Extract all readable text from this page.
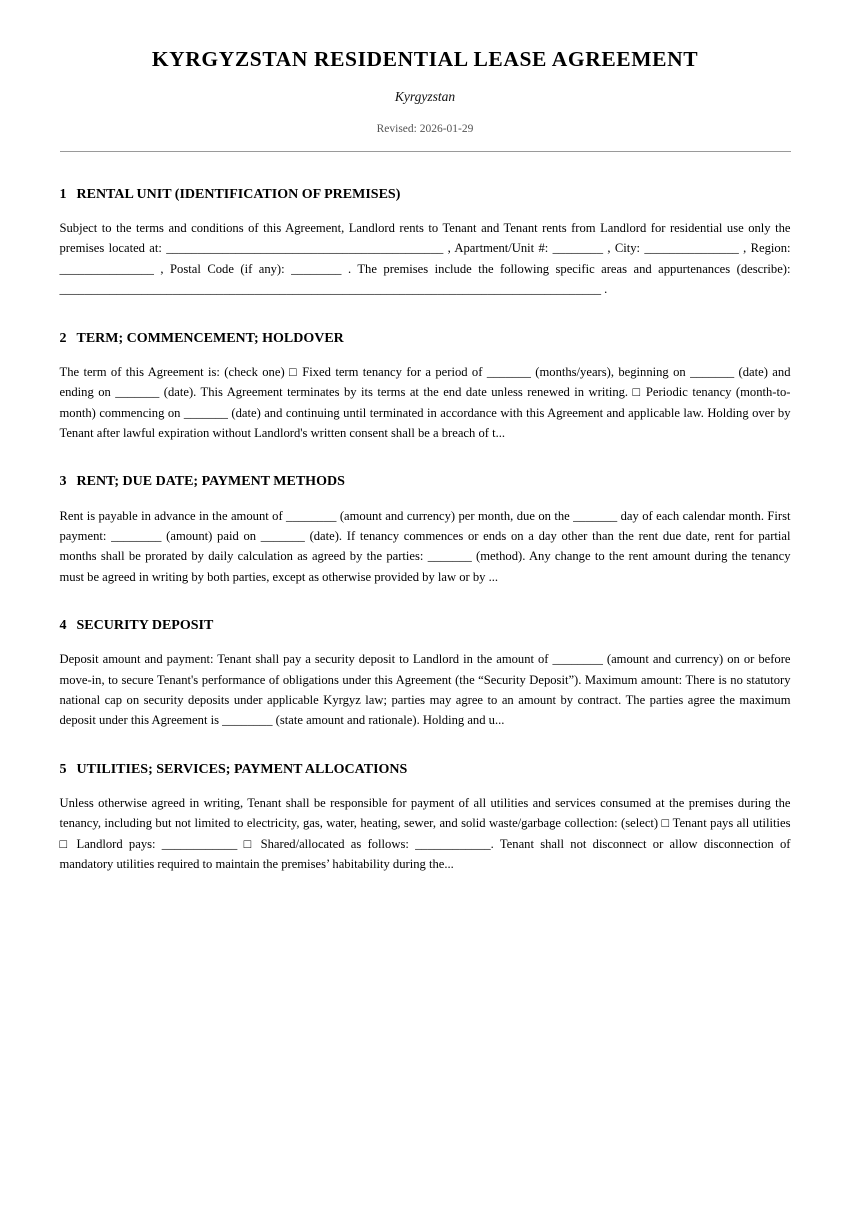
KYRGYZSTAN RESIDENTIAL LEASE AGREEMENT
Kyrgyzstan
Revised: 2026-01-29
1 RENTAL UNIT (IDENTIFICATION OF PREMISES)

Subject to the terms and conditions of this Agreement, Landlord rents to Tenant and Tenant rents from Landlord for residential use only the premises located at: ____________________________________________ , Apartment/Unit #: ________ , City: _______________ , Region: _______________ , Postal Code (if any): ________ . The premises include the following specific areas and appurtenances (describe): ______________________________________________________________________________________ .

2 TERM; COMMENCEMENT; HOLDOVER

The term of this Agreement is: (check one) □ Fixed term tenancy for a period of _______ (months/years), beginning on _______ (date) and ending on _______ (date). This Agreement terminates by its terms at the end date unless renewed in writing. □ Periodic tenancy (month-to-month) commencing on _______ (date) and continuing until terminated in accordance with this Agreement and applicable law. Holding over by Tenant after lawful expiration without Landlord's written consent shall be a breach of t...

3 RENT; DUE DATE; PAYMENT METHODS

Rent is payable in advance in the amount of ________ (amount and currency) per month, due on the _______ day of each calendar month. First payment: ________ (amount) paid on _______ (date). If tenancy commences or ends on a day other than the rent due date, rent for partial months shall be prorated by daily calculation as agreed by the parties: _______ (method). Any change to the rent amount during the tenancy must be agreed in writing by both parties, except as otherwise provided by law or by ...

4 SECURITY DEPOSIT

Deposit amount and payment: Tenant shall pay a security deposit to Landlord in the amount of ________ (amount and currency) on or before move-in, to secure Tenant's performance of obligations under this Agreement (the “Security Deposit”). Maximum amount: There is no statutory national cap on security deposits under applicable Kyrgyz law; parties may agree to an amount by contract. The parties agree the maximum deposit under this Agreement is ________ (state amount and rationale). Holding and u...

5 UTILITIES; SERVICES; PAYMENT ALLOCATIONS

Unless otherwise agreed in writing, Tenant shall be responsible for payment of all utilities and services consumed at the premises during the tenancy, including but not limited to electricity, gas, water, heating, sewer, and solid waste/garbage collection: (select) □ Tenant pays all utilities □ Landlord pays: ____________ □ Shared/allocated as follows: ____________. Tenant shall not disconnect or allow disconnection of mandatory utilities required to maintain the premises’ habitability during the...
